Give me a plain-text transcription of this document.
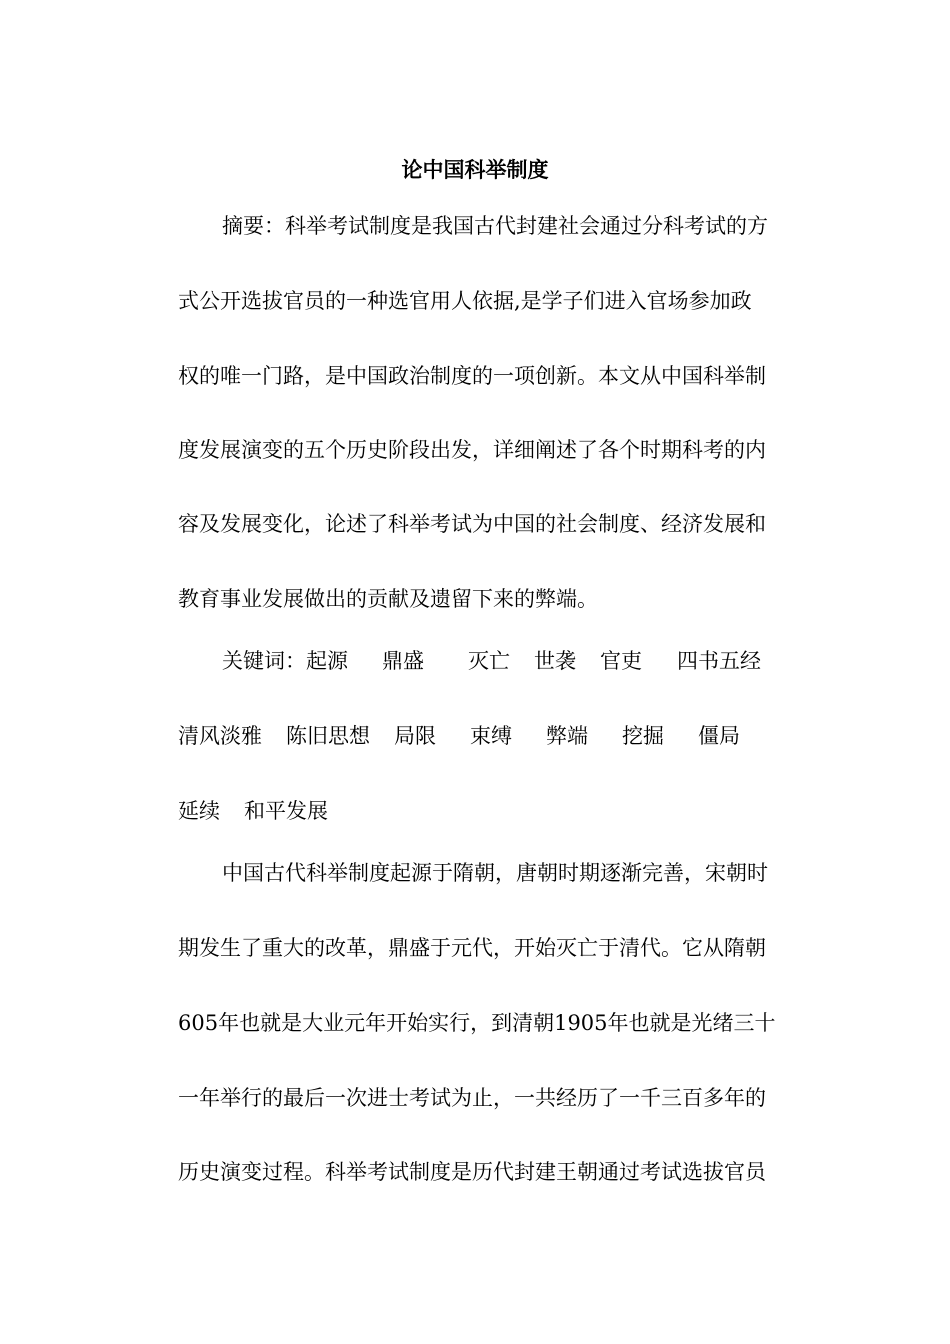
论中国科举制度
摘要：科举考试制度是我国古代封建社会通过分科考试的方
式公开选拔官员的一种选官用人依据,是学子们进入官场参加政
权的唯一门路，是中国政治制度的一项创新。本文从中国科举制
度发展演变的五个历史阶段出发，详细阐述了各个时期科考的内
容及发展变化，论述了科举考试为中国的社会制度、经济发展和
教育事业发展做出的贡献及遗留下来的弊端。
关键词：起源 鼎盛 灭亡 世袭 官吏 四书五经
清风淡雅 陈旧思想 局限 束缚 弊端 挖掘 僵局
延续 和平发展
中国古代科举制度起源于隋朝，唐朝时期逐渐完善，宋朝时
期发生了重大的改革，鼎盛于元代，开始灭亡于清代。它从隋朝
605年也就是大业元年开始实行，到清朝1905年也就是光绪三十
一年举行的最后一次进士考试为止，一共经历了一千三百多年的
历史演变过程。科举考试制度是历代封建王朝通过考试选拔官员
